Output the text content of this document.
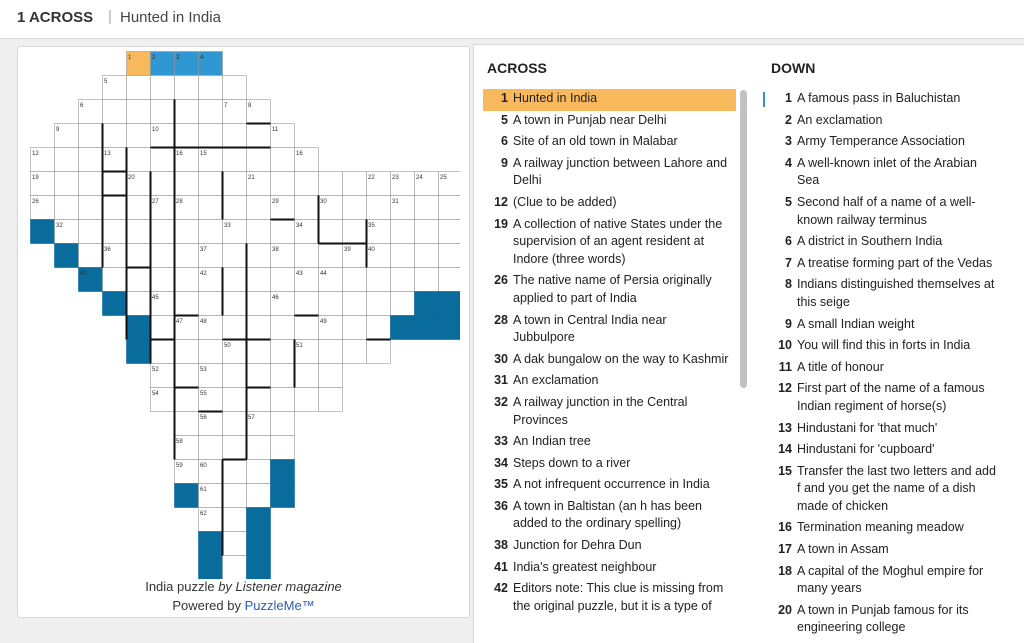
1 ACROSS | Hunted in India
1	2	3	4
5
6	7	8
9	10	11
12	13	16	15	16
19	20	21	22	23	24	25
26	27	28	29	30	31
32	33	34	35
36	37	38	39	40
41	42	43	44
45	46
47	48	49
50	51
52	53
54	55
56	57
58
59	60
61
62
India puzzle by Listener magazine
Powered by PuzzleMe™
ACROSS	DOWN
1 Hunted in India
5 A town in Punjab near Delhi
6 Site of an old town in Malabar
9 A railway junction between Lahore and Delhi
12 (Clue to be added)
19 A collection of native States under the supervision of an agent resident at Indore (three words)
26 The native name of Persia originally applied to part of India
28 A town in Central India near Jubbulpore
30 A dak bungalow on the way to Kashmir
31 An exclamation
32 A railway junction in the Central Provinces
33 An Indian tree
34 Steps down to a river
35 A not infrequent occurrence in India
36 A town in Baltistan (an h has been added to the ordinary spelling)
38 Junction for Dehra Dun
41 India's greatest neighbour
42 Editors note: This clue is missing from the original puzzle, but it is a type of
1 A famous pass in Baluchistan
2 An exclamation
3 Army Temperance Association
4 A well-known inlet of the Arabian Sea
5 Second half of a name of a well-known railway terminus
6 A district in Southern India
7 A treatise forming part of the Vedas
8 Indians distinguished themselves at this seige
9 A small Indian weight
10 You will find this in forts in India
11 A title of honour
12 First part of the name of a famous Indian regiment of horse(s)
13 Hindustani for 'that much'
14 Hindustani for 'cupboard'
15 Transfer the last two letters and add f and you get the name of a dish made of chicken
16 Termination meaning meadow
17 A town in Assam
18 A capital of the Moghul empire for many years
20 A town in Punjab famous for its engineering college
